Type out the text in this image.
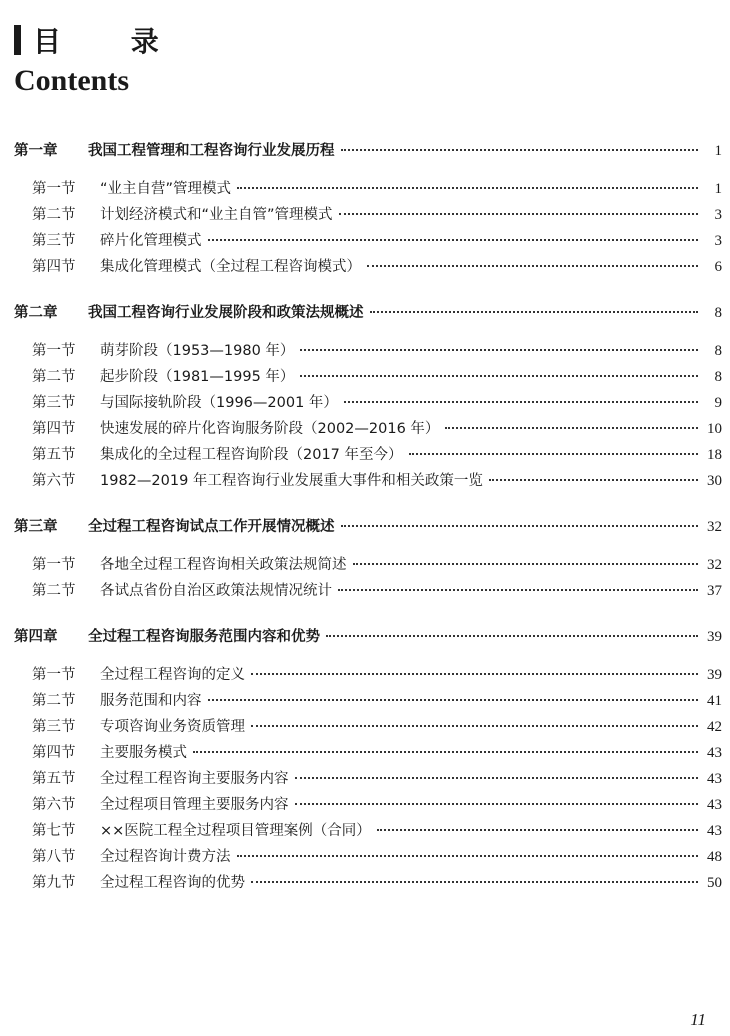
目 录
Contents
第一章	我国工程管理和工程咨询行业发展历程	1
第一节	“业主自营”管理模式	1
第二节	计划经济模式和“业主自管”管理模式	3
第三节	碎片化管理模式	3
第四节	集成化管理模式（全过程工程咨询模式）	6
第二章	我国工程咨询行业发展阶段和政策法规概述	8
第一节	萌芽阶段（1953—1980 年）	8
第二节	起步阶段（1981—1995 年）	8
第三节	与国际接轨阶段（1996—2001 年）	9
第四节	快速发展的碎片化咨询服务阶段（2002—2016 年）	10
第五节	集成化的全过程工程咨询阶段（2017 年至今）	18
第六节	1982—2019 年工程咨询行业发展重大事件和相关政策一览	30
第三章	全过程工程咨询试点工作开展情况概述	32
第一节	各地全过程工程咨询相关政策法规简述	32
第二节	各试点省份自治区政策法规情况统计	37
第四章	全过程工程咨询服务范围内容和优势	39
第一节	全过程工程咨询的定义	39
第二节	服务范围和内容	41
第三节	专项咨询业务资质管理	42
第四节	主要服务模式	43
第五节	全过程工程咨询主要服务内容	43
第六节	全过程项目管理主要服务内容	43
第七节	××医院工程全过程项目管理案例（合同）	43
第八节	全过程咨询计费方法	48
第九节	全过程工程咨询的优势	50
11
